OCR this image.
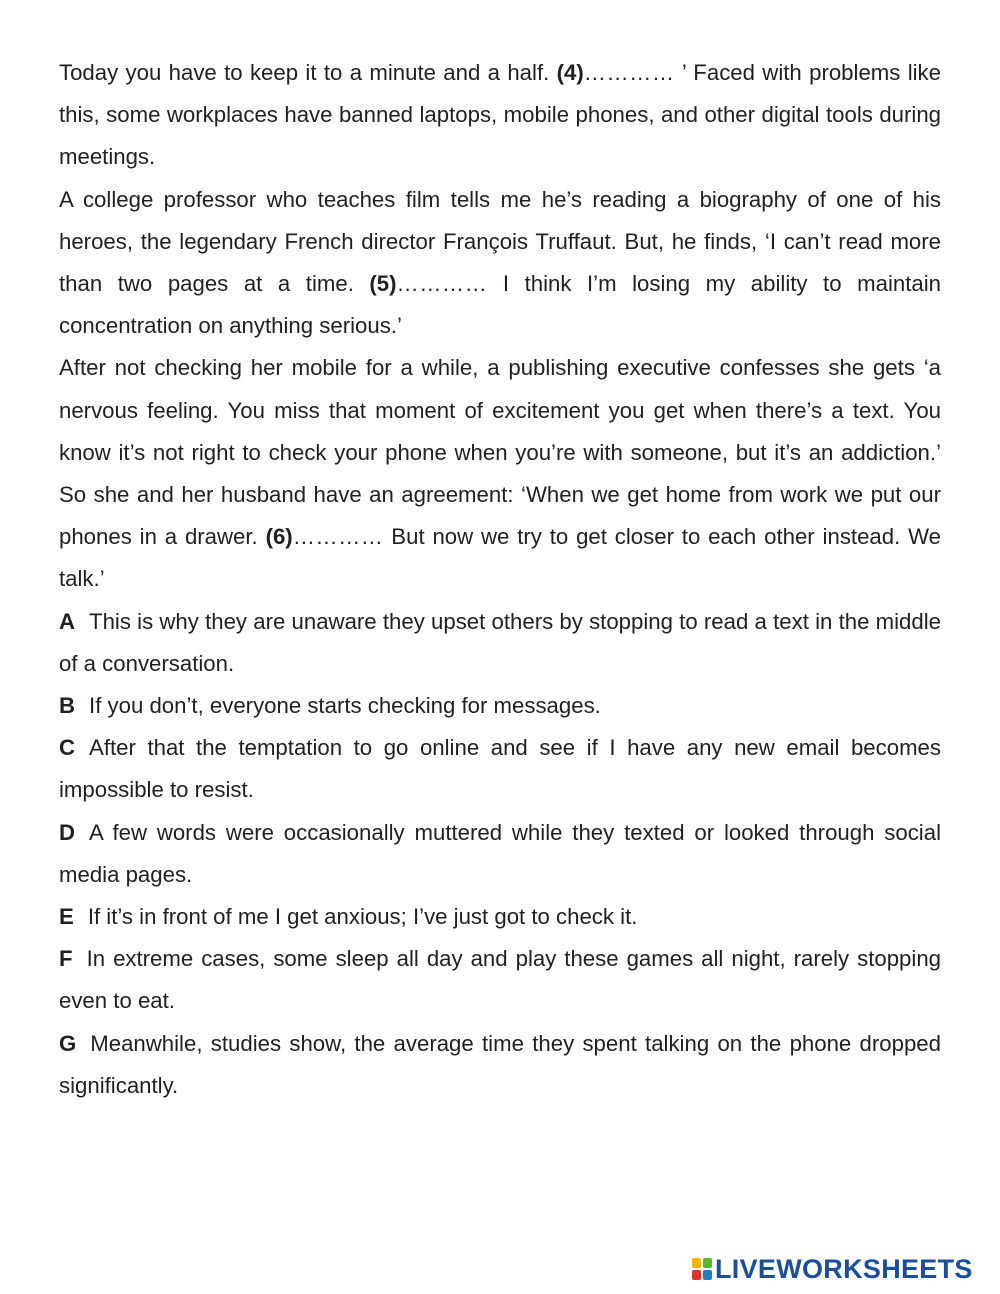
Today you have to keep it to a minute and a half. (4)………… ’ Faced with problems like this, some workplaces have banned laptops, mobile phones, and other digital tools during meetings.

A college professor who teaches film tells me he’s reading a biography of one of his heroes, the legendary French director François Truffaut. But, he finds, ‘I can’t read more than two pages at a time. (5)………… I think I’m losing my ability to maintain concentration on anything serious.’

After not checking her mobile for a while, a publishing executive confesses she gets ‘a nervous feeling. You miss that moment of excitement you get when there’s a text. You know it’s not right to check your phone when you’re with someone, but it’s an addiction.’ So she and her husband have an agreement: ‘When we get home from work we put our phones in a drawer. (6)………… But now we try to get closer to each other instead. We talk.’

A This is why they are unaware they upset others by stopping to read a text in the middle of a conversation.

B If you don’t, everyone starts checking for messages.

C After that the temptation to go online and see if I have any new email becomes impossible to resist.

D A few words were occasionally muttered while they texted or looked through social media pages.

E If it’s in front of me I get anxious; I’ve just got to check it.

F In extreme cases, some sleep all day and play these games all night, rarely stopping even to eat.

G Meanwhile, studies show, the average time they spent talking on the phone dropped significantly.

LIVEWORKSHEETS
